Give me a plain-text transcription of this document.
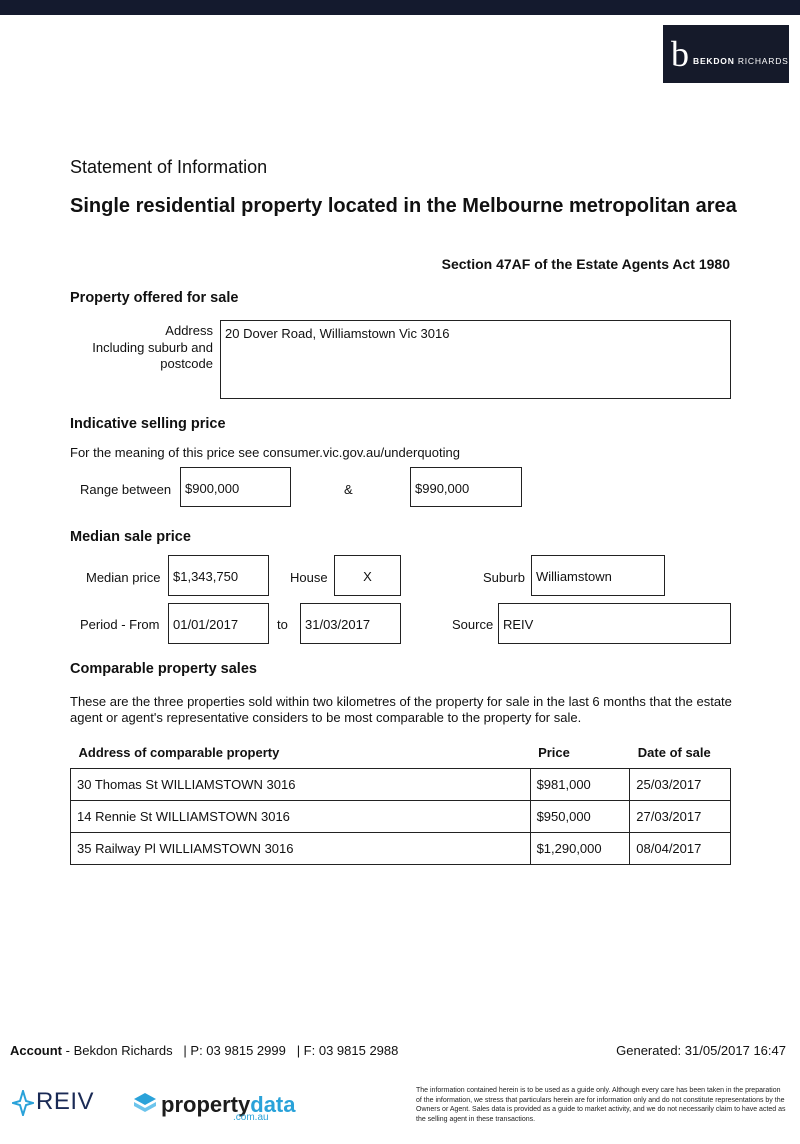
b BEKDON RICHARDS
Statement of Information
Single residential property located in the Melbourne metropolitan area
Section 47AF of the Estate Agents Act 1980
Property offered for sale
Address
Including suburb and
postcode
20 Dover Road, Williamstown Vic 3016
Indicative selling price
For the meaning of this price see consumer.vic.gov.au/underquoting
Range between	$900,000	&	$990,000
Median sale price
Median price $1,343,750	House	X	Suburb Williamstown
Period - From	01/01/2017	to	31/03/2017	Source REIV
Comparable property sales
These are the three properties sold within two kilometres of the property for sale in the last 6 months that the estate agent or agent's representative considers to be most comparable to the property for sale.
Address of comparable property	Price	Date of sale
30 Thomas St WILLIAMSTOWN 3016	$981,000	25/03/2017
14 Rennie St WILLIAMSTOWN 3016	$950,000	27/03/2017
35 Railway Pl WILLIAMSTOWN 3016	$1,290,000	08/04/2017
Account - Bekdon Richards | P: 03 9815 2999 | F: 03 9815 2988	Generated: 31/05/2017 16:47
REIV	propertydata
.com.au
The information contained herein is to be used as a guide only. Although every care has been taken in the preparation of the information, we stress that particulars herein are for information only and do not constitute representations by the Owners or Agent. Sales data is provided as a guide to market activity, and we do not necessarily claim to have acted as the selling agent in these transactions.
